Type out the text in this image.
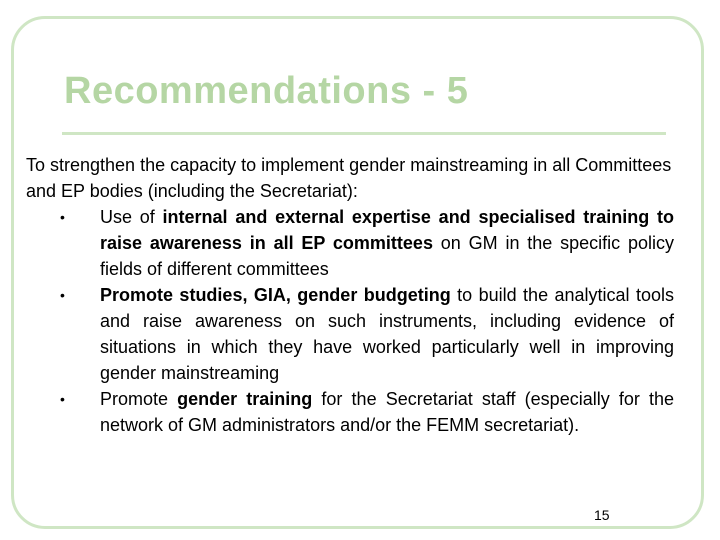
Recommendations - 5
To strengthen the capacity to implement gender mainstreaming in all Committees and EP bodies (including the Secretariat):
• Use of internal and external expertise and specialised training to raise awareness in all EP committees on GM in the specific policy fields of different committees
• Promote studies, GIA, gender budgeting to build the analytical tools and raise awareness on such instruments, including evidence of situations in which they have worked particularly well in improving gender mainstreaming
• Promote gender training for the Secretariat staff (especially for the network of GM administrators and/or the FEMM secretariat).
15
